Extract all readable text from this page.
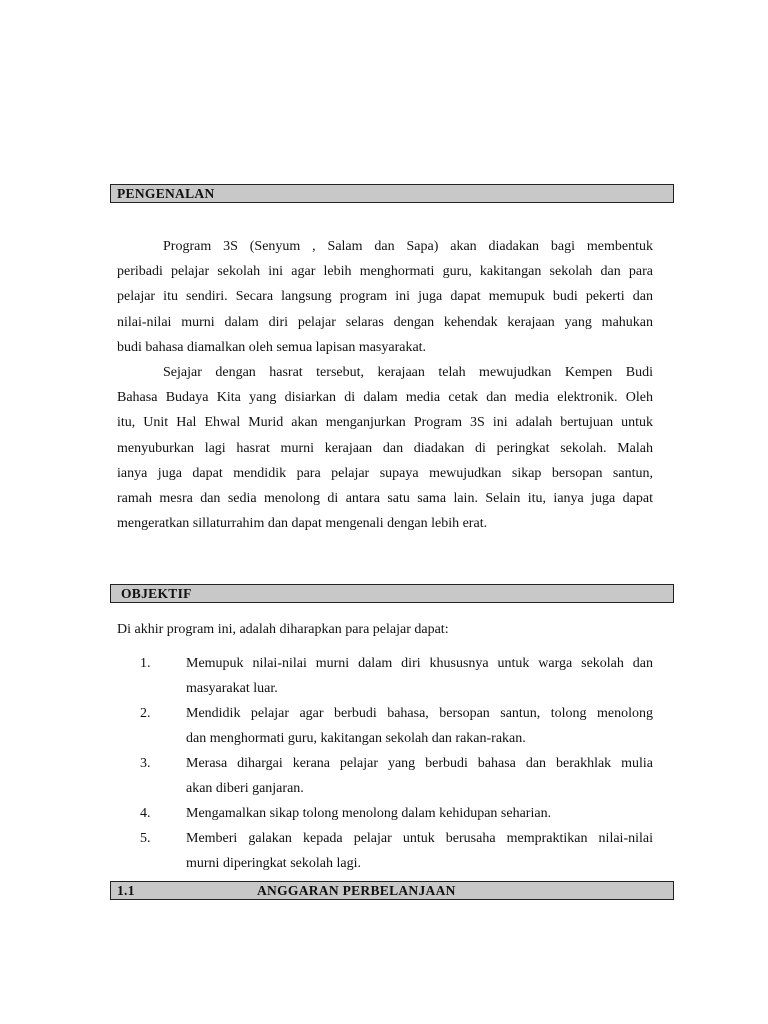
PENGENALAN
Program 3S (Senyum , Salam dan Sapa) akan diadakan bagi membentuk
peribadi pelajar sekolah ini agar lebih menghormati guru, kakitangan sekolah dan para
pelajar itu sendiri. Secara langsung program ini juga dapat memupuk budi pekerti dan
nilai-nilai murni dalam diri pelajar selaras dengan kehendak kerajaan yang mahukan
budi bahasa diamalkan oleh semua lapisan masyarakat.
Sejajar dengan hasrat tersebut, kerajaan telah mewujudkan Kempen Budi
Bahasa Budaya Kita yang disiarkan di dalam media cetak dan media elektronik. Oleh
itu, Unit Hal Ehwal Murid akan menganjurkan Program 3S ini adalah bertujuan untuk
menyuburkan lagi hasrat murni kerajaan dan diadakan di peringkat sekolah. Malah
ianya juga dapat mendidik para pelajar supaya mewujudkan sikap bersopan santun,
ramah mesra dan sedia menolong di antara satu sama lain. Selain itu, ianya juga dapat
mengeratkan sillaturrahim dan dapat mengenali dengan lebih erat.
OBJEKTIF
Di akhir program ini, adalah diharapkan para pelajar dapat:
1.	Memupuk nilai-nilai murni dalam diri khususnya untuk warga sekolah dan
masyarakat luar.
2.	Mendidik pelajar agar berbudi bahasa, bersopan santun, tolong menolong
dan menghormati guru, kakitangan sekolah dan rakan-rakan.
3.	Merasa dihargai kerana pelajar yang berbudi bahasa dan berakhlak mulia
akan diberi ganjaran.
4.	Mengamalkan sikap tolong menolong dalam kehidupan seharian.
5.	Memberi galakan kepada pelajar untuk berusaha mempraktikan nilai-nilai
murni diperingkat sekolah lagi.
1.1	ANGGARAN PERBELANJAAN
